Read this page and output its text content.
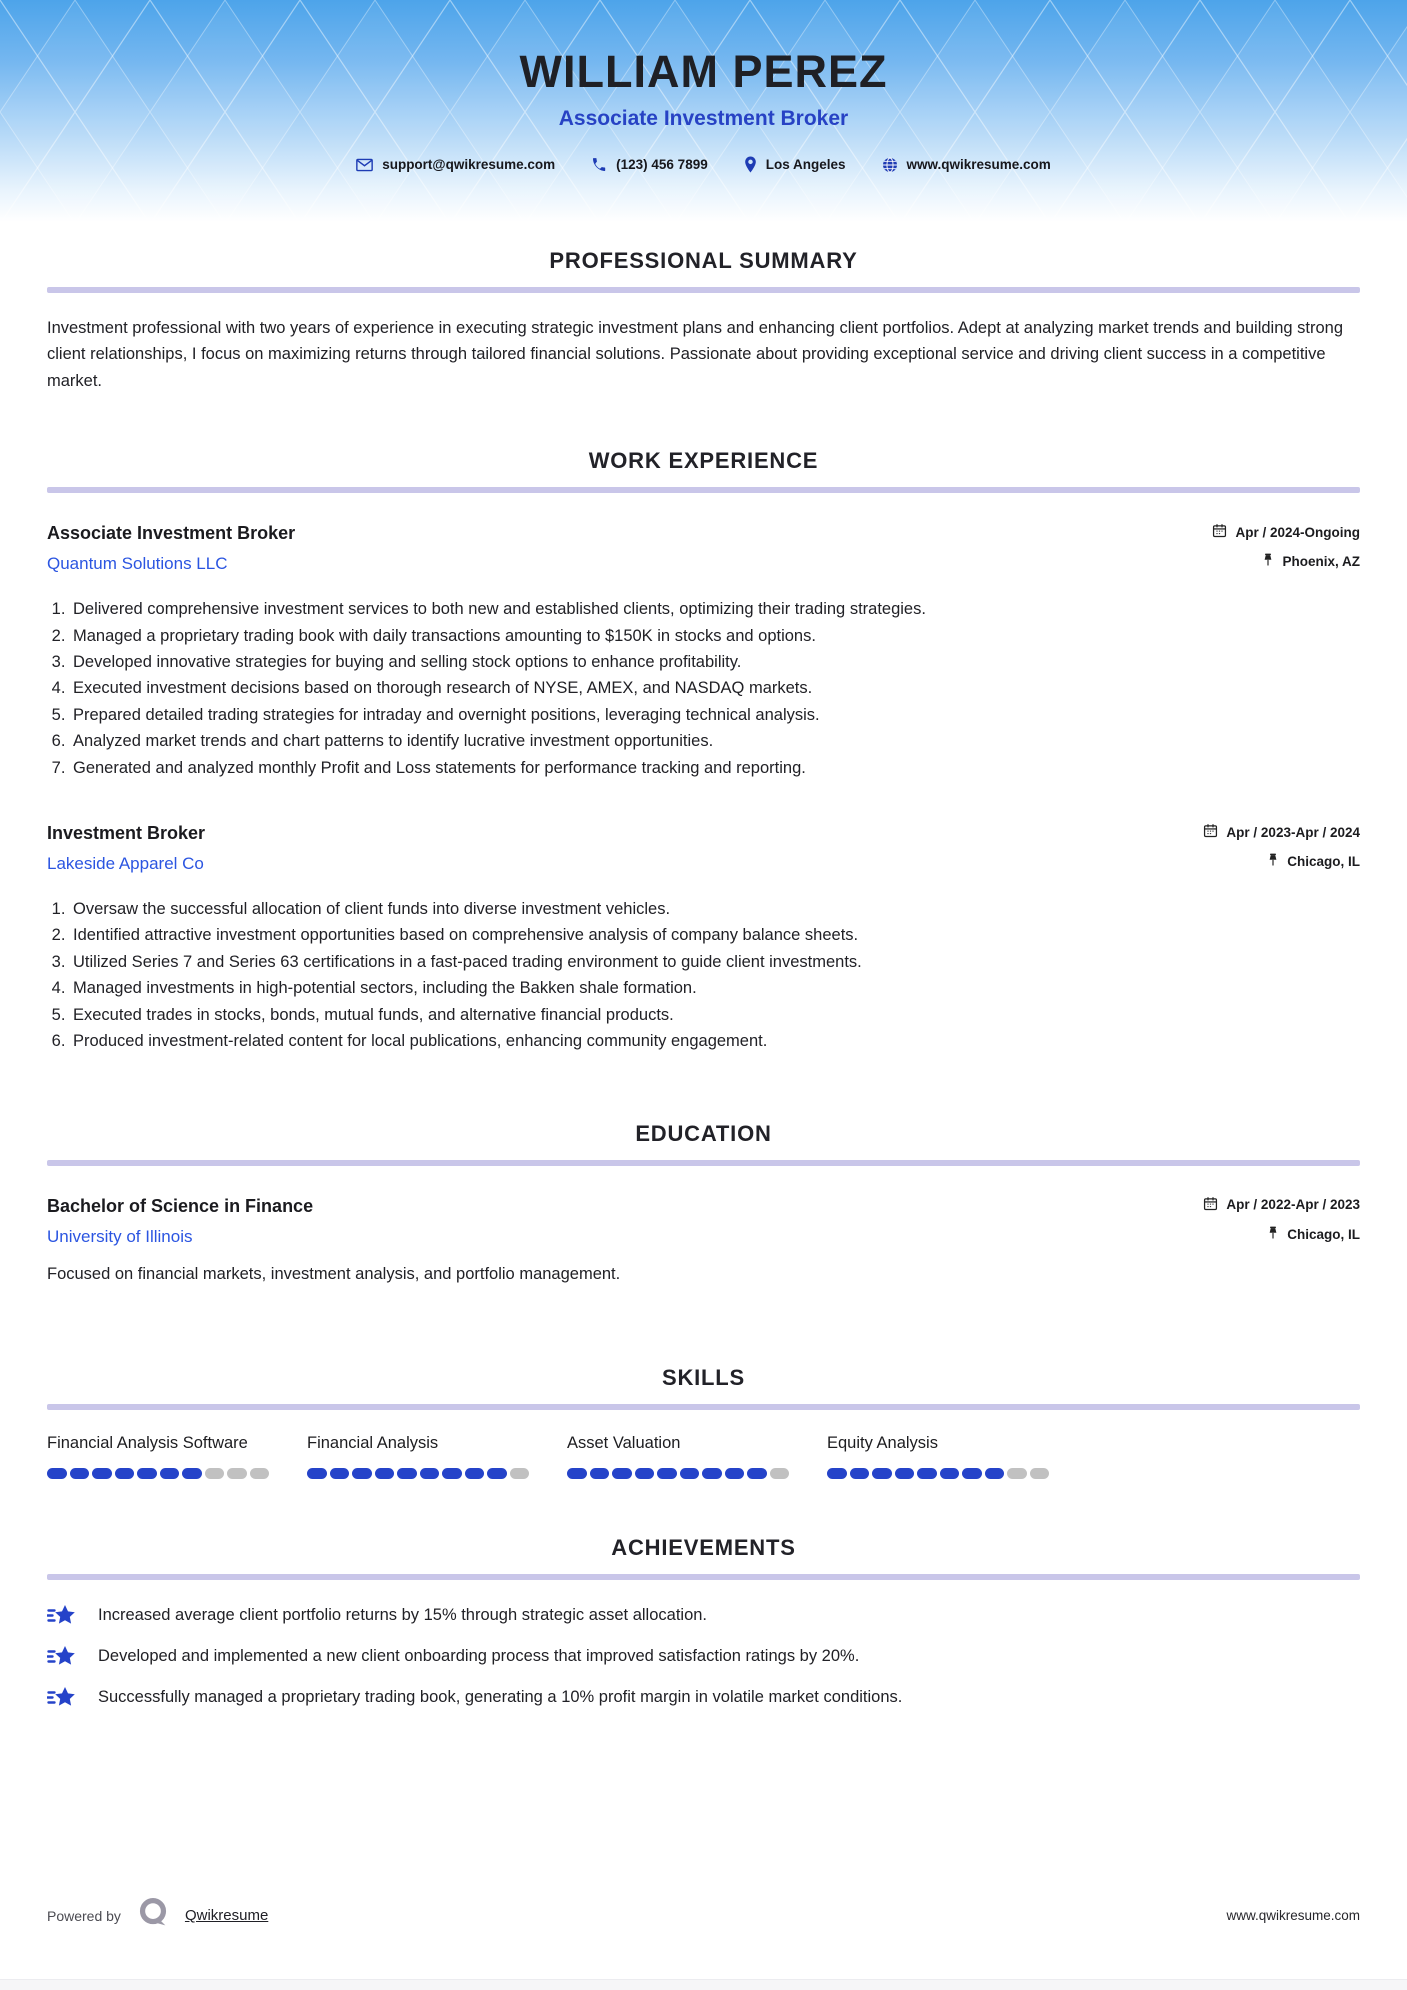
WILLIAM PEREZ
Associate Investment Broker
support@qwikresume.com	(123) 456 7899	Los Angeles	www.qwikresume.com
PROFESSIONAL SUMMARY

Investment professional with two years of experience in executing strategic investment plans and enhancing client portfolios. Adept at analyzing market trends and building strong client relationships, I focus on maximizing returns through tailored financial solutions. Passionate about providing exceptional service and driving client success in a competitive market.

WORK EXPERIENCE
Associate Investment Broker
Quantum Solutions LLC
Apr / 2024-Ongoing
Phoenix, AZ
1. Delivered comprehensive investment services to both new and established clients, optimizing their trading strategies.
2. Managed a proprietary trading book with daily transactions amounting to $150K in stocks and options.
3. Developed innovative strategies for buying and selling stock options to enhance profitability.
4. Executed investment decisions based on thorough research of NYSE, AMEX, and NASDAQ markets.
5. Prepared detailed trading strategies for intraday and overnight positions, leveraging technical analysis.
6. Analyzed market trends and chart patterns to identify lucrative investment opportunities.
7. Generated and analyzed monthly Profit and Loss statements for performance tracking and reporting.
Investment Broker
Lakeside Apparel Co
Apr / 2023-Apr / 2024
Chicago, IL
1. Oversaw the successful allocation of client funds into diverse investment vehicles.
2. Identified attractive investment opportunities based on comprehensive analysis of company balance sheets.
3. Utilized Series 7 and Series 63 certifications in a fast-paced trading environment to guide client investments.
4. Managed investments in high-potential sectors, including the Bakken shale formation.
5. Executed trades in stocks, bonds, mutual funds, and alternative financial products.
6. Produced investment-related content for local publications, enhancing community engagement.
EDUCATION
Bachelor of Science in Finance
University of Illinois
Apr / 2022-Apr / 2023
Chicago, IL

Focused on financial markets, investment analysis, and portfolio management.

SKILLS
Financial Analysis Software	Financial Analysis	Asset Valuation	Equity Analysis
ACHIEVEMENTS
Increased average client portfolio returns by 15% through strategic asset allocation.
Developed and implemented a new client onboarding process that improved satisfaction ratings by 20%.
Successfully managed a proprietary trading book, generating a 10% profit margin in volatile market conditions.
Powered by	Qwikresume	www.qwikresume.com
